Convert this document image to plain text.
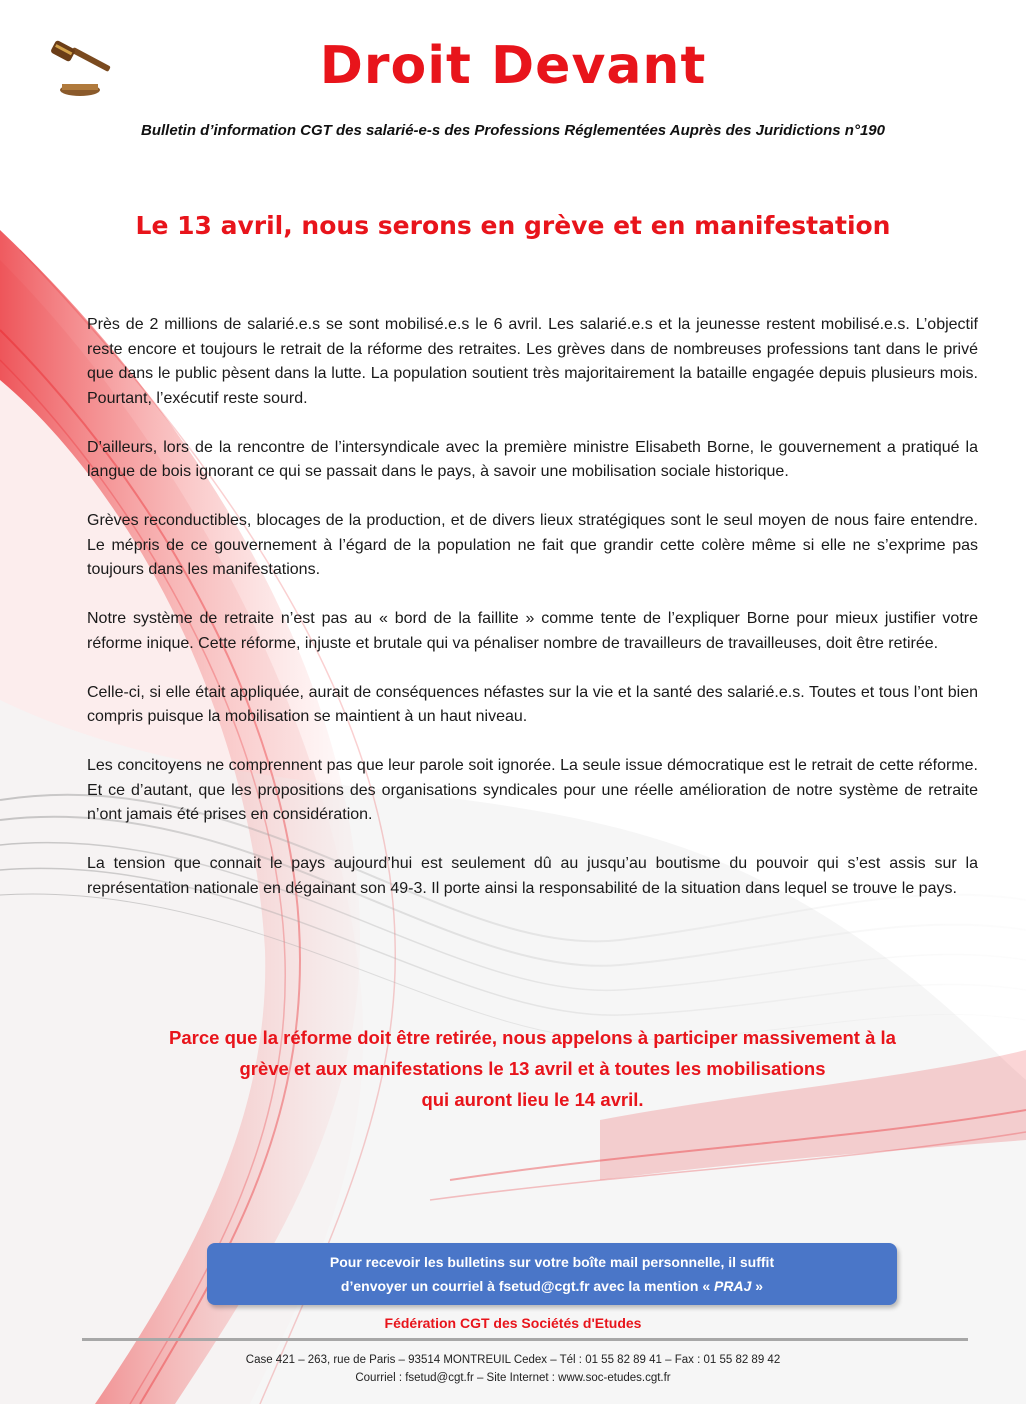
Droit Devant
Bulletin d’information CGT des salarié-e-s des Professions Réglementées Auprès des Juridictions n°190
Le 13 avril, nous serons en grève et en manifestation

Près de 2 millions de salarié.e.s se sont mobilisé.e.s le 6 avril. Les salarié.e.s et la jeunesse restent mobilisé.e.s. L’objectif reste encore et toujours le retrait de la réforme des retraites. Les grèves dans de nombreuses professions tant dans le privé que dans le public pèsent dans la lutte. La population soutient très majoritairement la bataille engagée depuis plusieurs mois. Pourtant, l’exécutif reste sourd.

D’ailleurs, lors de la rencontre de l’intersyndicale avec la première ministre Elisabeth Borne, le gouvernement a pratiqué la langue de bois ignorant ce qui se passait dans le pays, à savoir une mobilisation sociale historique.

Grèves reconductibles, blocages de la production, et de divers lieux stratégiques sont le seul moyen de nous faire entendre. Le mépris de ce gouvernement à l’égard de la population ne fait que grandir cette colère même si elle ne s’exprime pas toujours dans les manifestations.

Notre système de retraite n’est pas au « bord de la faillite » comme tente de l’expliquer Borne pour mieux justifier votre réforme inique. Cette réforme, injuste et brutale qui va pénaliser nombre de travailleurs de travailleuses, doit être retirée.

Celle-ci, si elle était appliquée, aurait de conséquences néfastes sur la vie et la santé des salarié.e.s. Toutes et tous l’ont bien compris puisque la mobilisation se maintient à un haut niveau.

Les concitoyens ne comprennent pas que leur parole soit ignorée. La seule issue démocratique est le retrait de cette réforme. Et ce d’autant, que les propositions des organisations syndicales pour une réelle amélioration de notre système de retraite n’ont jamais été prises en considération.

La tension que connait le pays aujourd’hui est seulement dû au jusqu’au boutisme du pouvoir qui s’est assis sur la représentation nationale en dégainant son 49-3. Il porte ainsi la responsabilité de la situation dans lequel se trouve le pays.

Parce que la réforme doit être retirée, nous appelons à participer massivement à la
grève et aux manifestations le 13 avril et à toutes les mobilisations
qui auront lieu le 14 avril.
Pour recevoir les bulletins sur votre boîte mail personnelle, il suffit
d’envoyer un courriel à fsetud@cgt.fr avec la mention « PRAJ »
Fédération CGT des Sociétés d'Etudes
Case 421 – 263, rue de Paris – 93514 MONTREUIL Cedex – Tél : 01 55 82 89 41 – Fax : 01 55 82 89 42
Courriel : fsetud@cgt.fr – Site Internet : www.soc-etudes.cgt.fr
